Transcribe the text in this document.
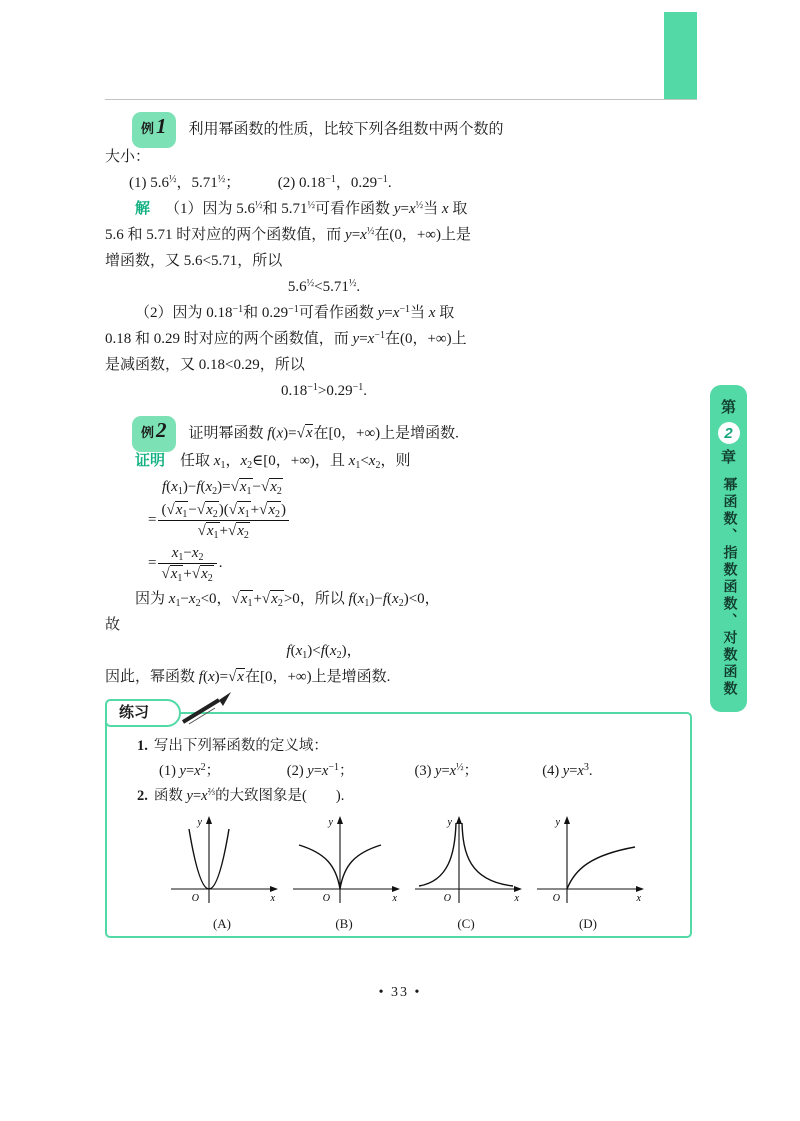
例 1 利用幂函数的性质，比较下列各组数中两个数的
大小：
(1) $5.6^{\frac{1}{2}}$，$5.71^{\frac{1}{2}}$；　　　(2) $0.18^{-1}$，$0.29^{-1}$.
解 （1）因为 $5.6^{\frac{1}{2}}$和 $5.71^{\frac{1}{2}}$可看作函数 $y=x^{\frac{1}{2}}$当 x 取
5.6 和 5.71 时对应的两个函数值，而 $y=x^{\frac{1}{2}}$在(0，+∞)上是
增函数，又 5.6<5.71，所以
$5.6^{\frac{1}{2}}<5.71^{\frac{1}{2}}$.
（2）因为 $0.18^{-1}$和 $0.29^{-1}$可看作函数 $y=x^{-1}$当 x 取
0.18 和 0.29 时对应的两个函数值，而 $y=x^{-1}$在(0，+∞)上
是减函数，又 0.18<0.29，所以
$0.18^{-1}>0.29^{-1}$.
例 2 证明幂函数 f(x)=√x在[0，+∞)上是增函数.
证明 任取 $x_1$，$x_2\in[0$，+∞)，且 $x_1<x_2$，则
$f(x_1)-f(x_2)=√x_1-√x_2$
= $\frac{(√x_1-√x_2)(√x_1+√x_2)}{√x_1+√x_2}$
= $\frac{x_1-x_2}{√x_1+√x_2}$ .
因为 $x_1-x_2<0$，$√x_1+√x_2>0$，所以 $f(x_1)-f(x_2)<0$，
故
$f(x_1)<f(x_2)$，
因此，幂函数 f(x)=√x在[0，+∞)上是增函数.
第
2
章
幂函数、指数函数、对数函数
练习
1. 写出下列幂函数的定义域：
(1) $y=x^2$；	(2) $y=x^{-1}$；	(3) $y=x^{\frac{1}{2}}$；	(4) $y=x^3$.
2. 函数 $y=x^{\frac{2}{3}}$的大致图象是(　　).
O
y
x
(A)
O
y
x
(B)
O
y
x
(C)
O
y
x
(D)
• 33 •
